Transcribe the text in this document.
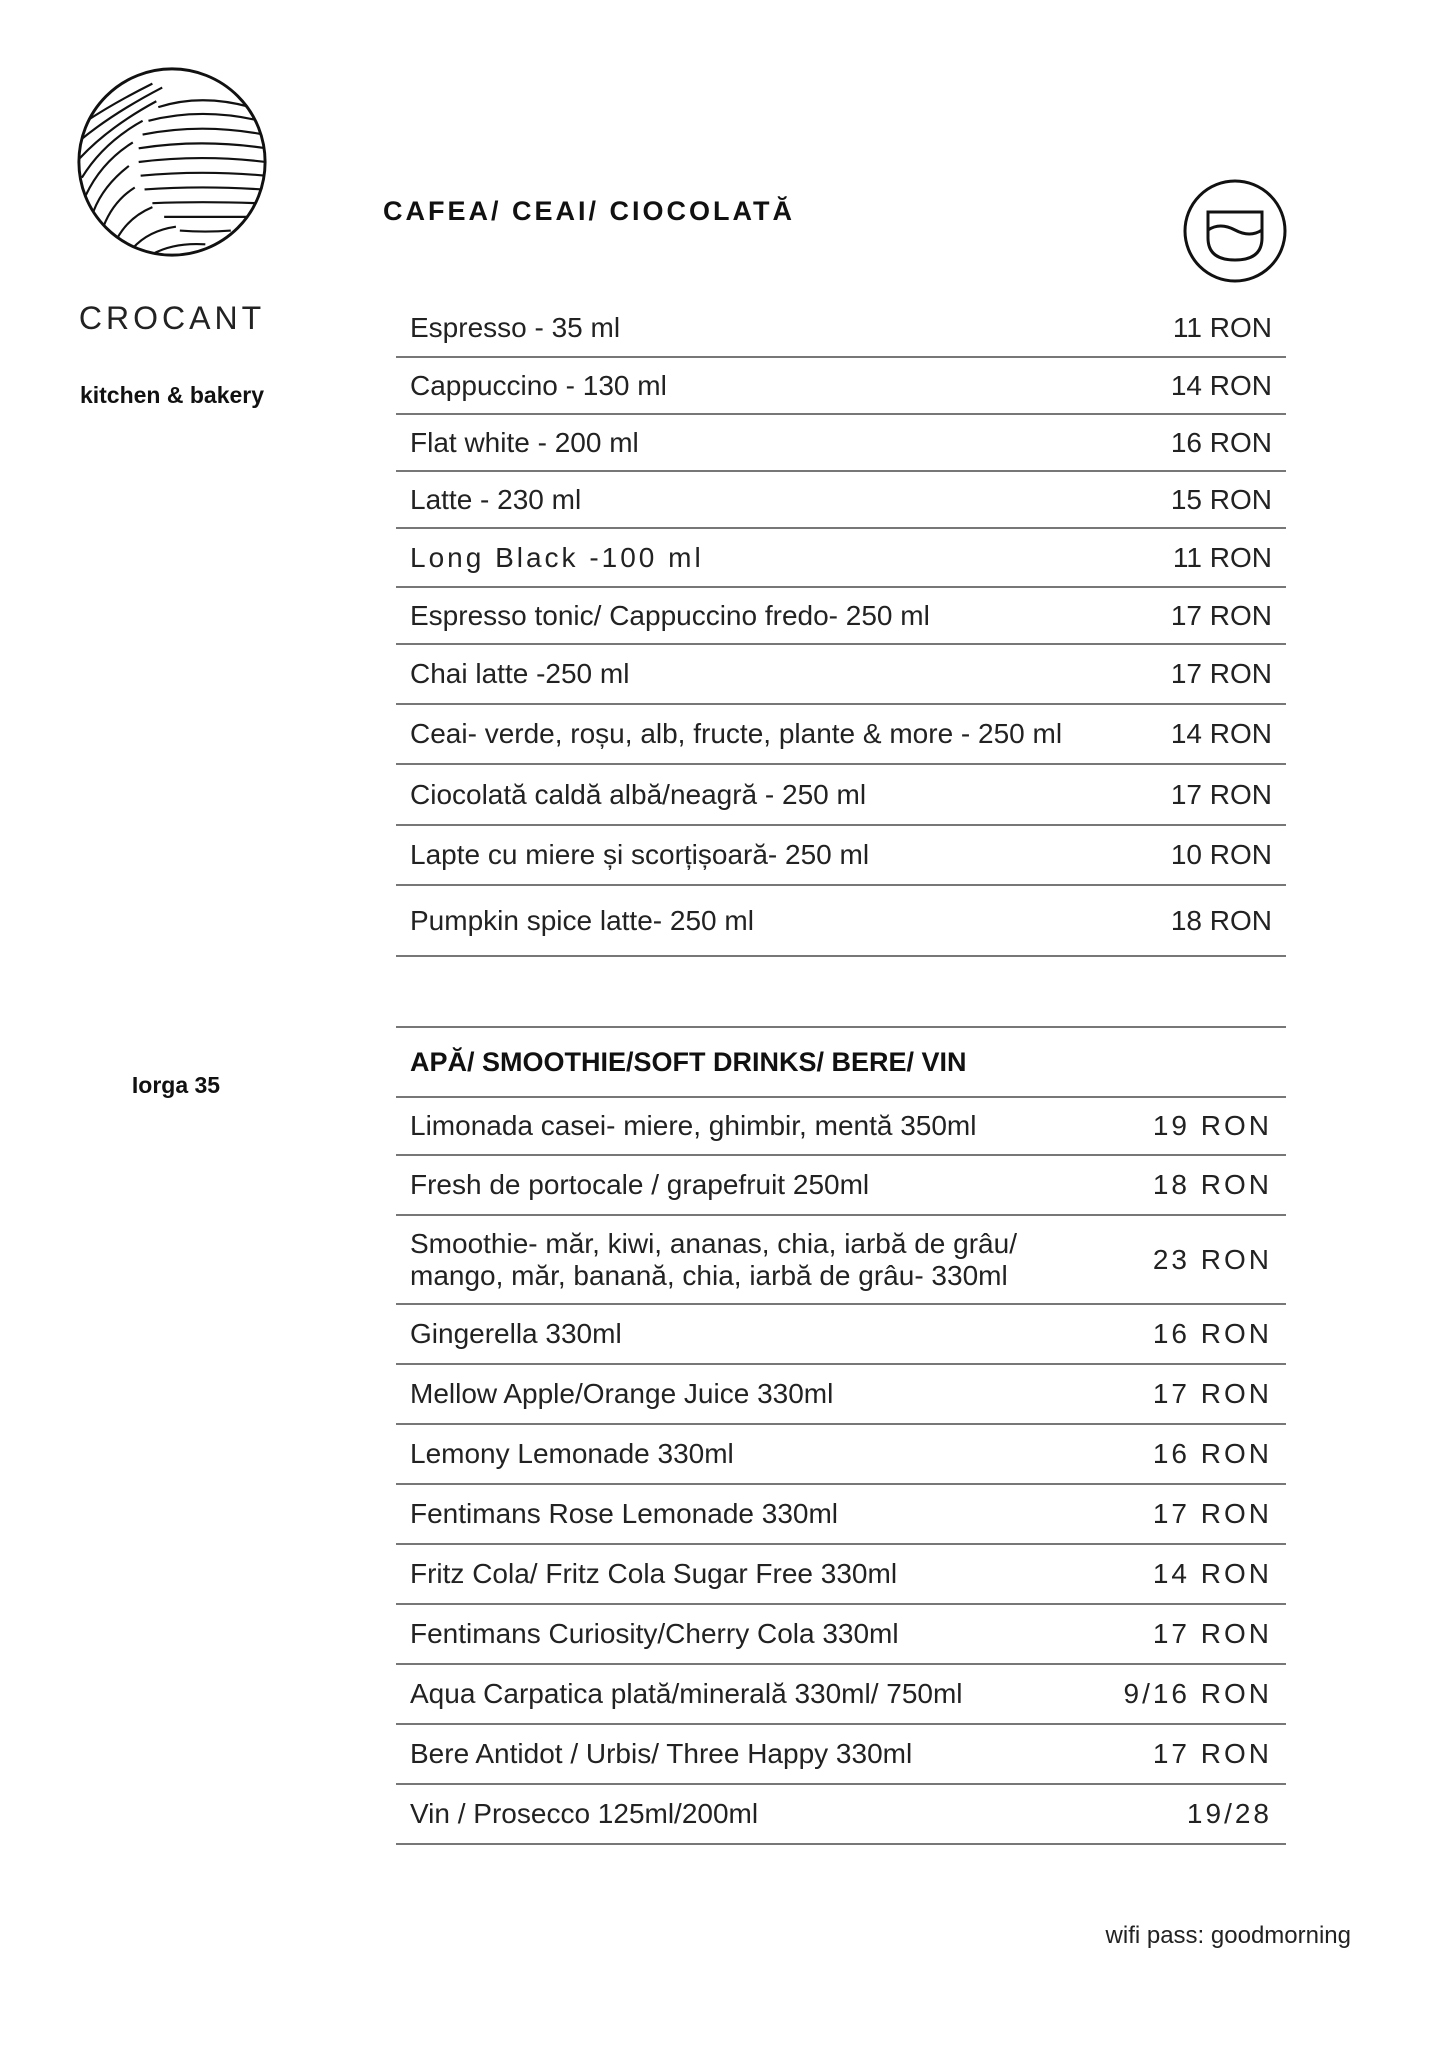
CROCANT
kitchen & bakery
Iorga 35
CAFEA/ CEAI/ CIOCOLATĂ
Espresso - 35 ml	11 RON
Cappuccino - 130 ml	14 RON
Flat white - 200 ml	16 RON
Latte - 230 ml	15 RON
Long Black -100 ml	11 RON
Espresso tonic/ Cappuccino fredo- 250 ml	17 RON
Chai latte -250 ml	17 RON
Ceai- verde, roșu, alb, fructe, plante & more - 250 ml	14 RON
Ciocolată caldă albă/neagră - 250 ml	17 RON
Lapte cu miere și scorțișoară- 250 ml	10 RON
Pumpkin spice latte- 250 ml	18 RON
APĂ/ SMOOTHIE/SOFT DRINKS/ BERE/ VIN
Limonada casei- miere, ghimbir, mentă 350ml	19 RON
Fresh de portocale / grapefruit 250ml	18 RON
Smoothie- măr, kiwi, ananas, chia, iarbă de grâu/
mango, măr, banană, chia, iarbă de grâu- 330ml
23 RON
Gingerella 330ml	16 RON
Mellow Apple/Orange Juice 330ml	17 RON
Lemony Lemonade 330ml	16 RON
Fentimans Rose Lemonade 330ml	17 RON
Fritz Cola/ Fritz Cola Sugar Free 330ml	14 RON
Fentimans Curiosity/Cherry Cola 330ml	17 RON
Aqua Carpatica plată/minerală 330ml/ 750ml	9/16 RON
Bere Antidot / Urbis/ Three Happy 330ml	17 RON
Vin / Prosecco 125ml/200ml	19/28
wifi pass: goodmorning
